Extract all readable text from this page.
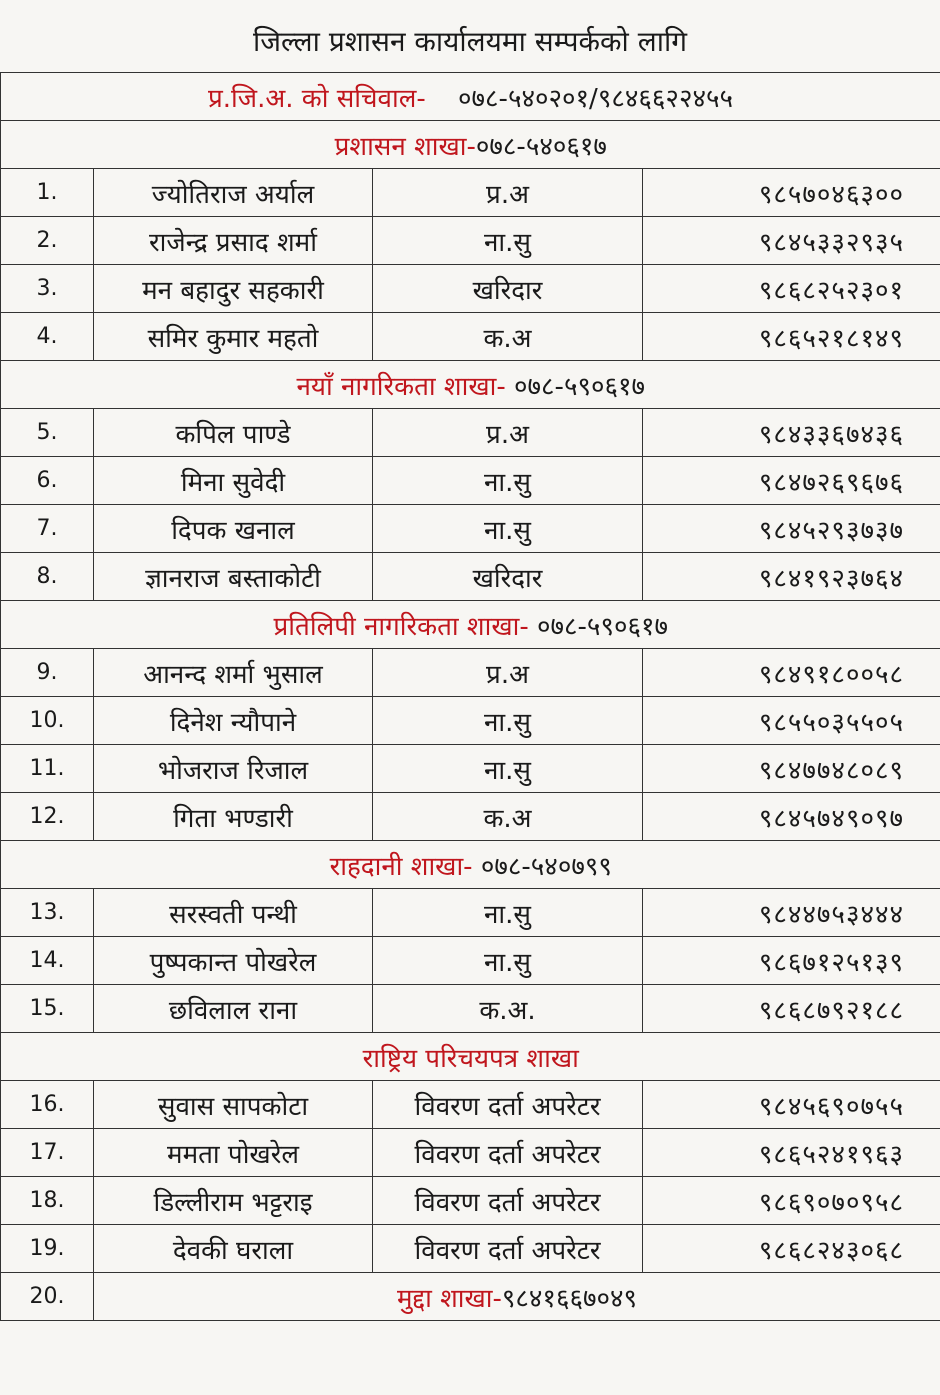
जिल्ला प्रशासन कार्यालयमा सम्पर्कको लागि
प्र.जि.अ. को सचिवाल- ०७८-५४०२०१/९८४६६२२४५५			
प्रशासन शाखा-०७८-५४०६१७			
1.	ज्योतिराज अर्याल	प्र.अ	९८५७०४६३००
2.	राजेन्द्र प्रसाद शर्मा	ना.सु	९८४५३३२९३५
3.	मन बहादुर सहकारी	खरिदार	९८६८२५२३०१
4.	समिर कुमार महतो	क.अ	९८६५२१८१४९
नयाँ नागरिकता शाखा- ०७८-५९०६१७			
5.	कपिल पाण्डे	प्र.अ	९८४३३६७४३६
6.	मिना सुवेदी	ना.सु	९८४७२६९६७६
7.	दिपक खनाल	ना.सु	९८४५२९३७३७
8.	ज्ञानराज बस्ताकोटी	खरिदार	९८४१९२३७६४
प्रतिलिपी नागरिकता शाखा- ०७८-५९०६१७			
9.	आनन्द शर्मा भुसाल	प्र.अ	९८४९१८००५८
10.	दिनेश न्यौपाने	ना.सु	९८५५०३५५०५
11.	भोजराज रिजाल	ना.सु	९८४७७४८०८९
12.	गिता भण्डारी	क.अ	९८४५७४९०९७
राहदानी शाखा- ०७८-५४०७९९			
13.	सरस्वती पन्थी	ना.सु	९८४४७५३४४४
14.	पुष्पकान्त पोखरेल	ना.सु	९८६७१२५१३९
15.	छविलाल राना	क.अ.	९८६८७९२१८८
राष्ट्रिय परिचयपत्र शाखा			
16.	सुवास सापकोटा	विवरण दर्ता अपरेटर	९८४५६९०७५५
17.	ममता पोखरेल	विवरण दर्ता अपरेटर	९८६५२४१९६३
18.	डिल्लीराम भट्टराइ	विवरण दर्ता अपरेटर	९८६९०७०९५८
19.	देवकी घराला	विवरण दर्ता अपरेटर	९८६८२४३०६८
20.	मुद्दा शाखा-९८४१६६७०४९		
